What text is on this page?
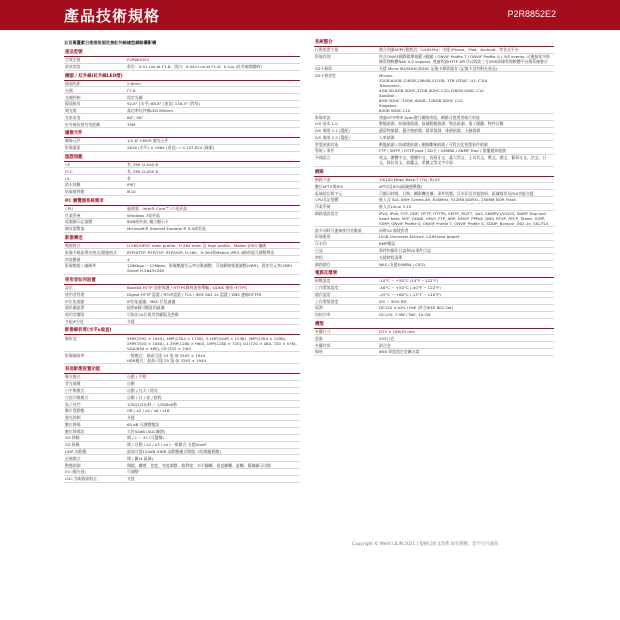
產品技術規格	P2R8852E2
五百萬畫素日夜兩用固定焦紅外線槍型網路攝影機
產品型號
型號型號	P2R8852E2
最低照度	彩色：0.01 Lux at F1.6；黑白：0.004 Lux at F1.6；0 Lux (紅外線開啟時)
鏡頭 / 紅外線(紅外線LED燈)
鏡頭焦距	2.8mm
光圈	F1.6
光圈控制	固定光圈
鏡頭視角	92.8° (水平) 68.8° (垂直) 116.5° (對角)
補光燈	高功率紅外線LED 850nm
光束角度	60°, 90°
紅外線投射有效距離	35M
攝像元件
攝像元件	1/2.8" CMOS 感光元件
影像畫素	2616 (水平) × 1964 (垂直) = 5,137,824 (像素)
認證規範
CE	有, EMI CLASS B
FCC	有, EMI CLASS B
UL	有
防水係數	IP67
防破壞係數	IK10
PC 瀏覽器系統需求
CPU	處理器：Intel® Core™ i7 或更高
作業系統	Windows 7或更高
電腦顯示記憶體	8GB或更高, 獨立顯示卡
網頁瀏覽器	Microsoft® Internet Explorer® 9.0或更高
影像傳送
壓縮格式	H.265/HEVC main profile、H.264 main 及 high profile、Motion JPEG 編碼
影像多碼流傳送格式/壓縮格式	RTP/HTTP, RTP/TCP, RTP/UDP, H.265、H.264和Motion JPEG 4路串流可調整傳送
串流數量	4
影像壓縮 / 編碼率	128Kbps ~ 12Mbps；影像壓縮位元率自動調整；可依網路頻寬調整(VBR)；固定位元率(CBR)
Smart H.264/H.265
使用者如何設置
設定	Base64 HTTP 加密保護 / HTTPS資料加密傳輸 / DDNS 連結 HTTPS
使用者管理	Digest HTTP 認證 / RTSP認證 / TLS / IEEE 802.1x 認證 / DNS 連線HTTPS
IP位址過濾	IP位址過濾，MAC 位址過濾
隱私權遮罩	提供8個可隨意的區域
使用者權限	可指定10位使用者權限及密碼
多組IP位址	支援
影像解析度(水平x垂直)
解析度	5MP(2592 × 1944), 4MP(2304 × 1728), 3.1MP(2048 × 1536), 3MP(2304 × 1296), 2MP(1920 × 1080), 1.3MP(1280 × 960), 1MP(1280 × 720), D1(720 × 480, 720 × 576), VGA(640 × 480), CIF(352 × 240)
影像擷取率	一般模式：最高可達 25 張 @ 2592 × 1944
HDR模式：最高可達 25 張 @ 2592 × 1944
其他影像設置功能
曝光模式	自動 / 手動
背光補償	自動
白平衡模式	自動 / 白天 / 燈光
日夜切換模式	自動 / 日 / 夜 / 排程
電子快門	1/30(1/25)秒 ~ 1/30000秒
數位寬動態	Off / x2 / x4 / x8 / x16
強光抑制	支援
數位降噪	60 dB 可調整雜訊
數位降雜訊	大於50dB (AGC關閉)
3D 降躁	開 / 1 ~ 32 (可選擇)
2D 降躁	開 / 自動 / x2 / x3 / x4 (一般模式 支援Dnoff
HDR 高動態	最高可達120dB (HDR 高動態模式開啟, 2倍模組動態)
走廊模式	開 / 關(4 區域)
動態偵測	開啟、關閉、色度、亮度調整、銳利度、水平翻轉、垂直翻轉、旋轉、鏡像顯示切換
EV (曝光值)	可調整
LDC 魚眼鏡頭校正	支援
系統整合
行動裝置支援	整合利器APP行動程式「LILIN Pro」支援 iPhone、iPad、Android、等各式平台
影像管理	符合ONVIF國際標準規範 S模組 / ONVIF Profile T / ONVIF Profile G / IVS events, 可連接眾多影像管理軟體NAV 5.0 support, 透過利器HTTP API可以與第三方VMS影像管理軟體平台與系統整合
SD卡錄影	支援 Micro SD/SDHC/SDXC 記憶卡錄影儲存 (記憶卡沒有附在產品)
SD卡相容性	Micron -
32GB,64GB,128GB,256GB,512GB, 1TB (SDXC, U1, C10)
Transcend -
4GB SD,8GB SDHC,32GB SDHC C10,128GB SDXC C10
SanDisk -
8GB SDHC, 32GB, 64GB, 128GB SDHC C10
Kingston -
64GB SDXC C10
影像串流	透過HTTP和P Scan進行網路串流，網路可使用者進行串流
IVS 基本 1.0	動態偵測、防破壞偵測、區域動態偵測、物品偵測、電子圍籬、物件計數
IVS 進階 2.1 (選配)	遺留物偵測、遺失物偵測、群眾偵測、徘徊偵測、人臉偵測
IVS 進階 2.2 (選配)	人車偵測
智慧偵測功能	動態偵測 / 防破壞偵測 / 網路斷線偵測 / 可程式化智慧事件偵測
警報 / 事件	FTP / SMTP / HTTP post / SD卡 / SAMBA / SNMP Trap / 推播通知服務
多國語言	英文、繁體中文、簡體中文、西班牙文、義大利文、土耳其文、俄文、德文、葡萄牙文、法文、日文、阿拉伯文、波蘭文、希臘文等文字介面
網路
網路介面	10/100 Mbps Base-T (Tx), RJ-45
數位ePTZ與ROI	ePTZ及ROI(區域感興趣)
區域裁切與字元	可顯示時間、日期、攝影機名稱、事件狀態、浮水印及其他資料；區域裁切及ROI功能支援
CPU及記憶體	嵌入式 SoC ARM Cortex-A9, 816MHz, 512MB DDR3L, 256MB NOR Flash
作業系統	嵌入式Linux 3.10
網路通訊協定	IPv4, IPv6, TCP, UDP, HTTP, HTTPS, SMTP, MQTT, QoS, SNMPV1/V2/V3, SNMP Trap and heart beat, NTP, DDNS, UPnP, FTP, ARP, DHCP, PPPoE, DNS, RTSP, RTCP, Telnet, ICMP, IGMP, ONVIF Profile S, ONVIF Profile T, ONVIF Profile G, SDDP, Bonjour, 802.1x, SSL/TLS
最多同時可連線使用者數量	同時10 個使用者
影像應用	LILIN Universal ActiveX, LILIN Java Applet
浮水印	BMP標誌
日誌	事件和操作日誌和VS事件日誌
時程	支援時程清單
網路儲存	NAS (支援SAMBA / CIFS)
電源及環境
耐壓溫度	-10°C ~ +50°C (14°F ~122°F)
工作環境溫度	-40°C ~ +50°C (-40°F ~ 122°F)
儲存溫度	-25°C ~ +60°C (-13°F ~ 140°F)
工作環境溼度	0% ~ 90% RH
電源	DC12V ±10% / PoE (符合IEEE 802.3af)
消耗功率	DC12V, 7.9W / PoE, 10.2W
機殼
外觀尺寸	D75 × 189(D) mm
重量	555公克
外觀材質	鋁合金
線座	Φ58 斜度固定金屬支架
Copyright © Merit LILIN 2021 | 規格以原文為準,如有變動，恕不另行通知
